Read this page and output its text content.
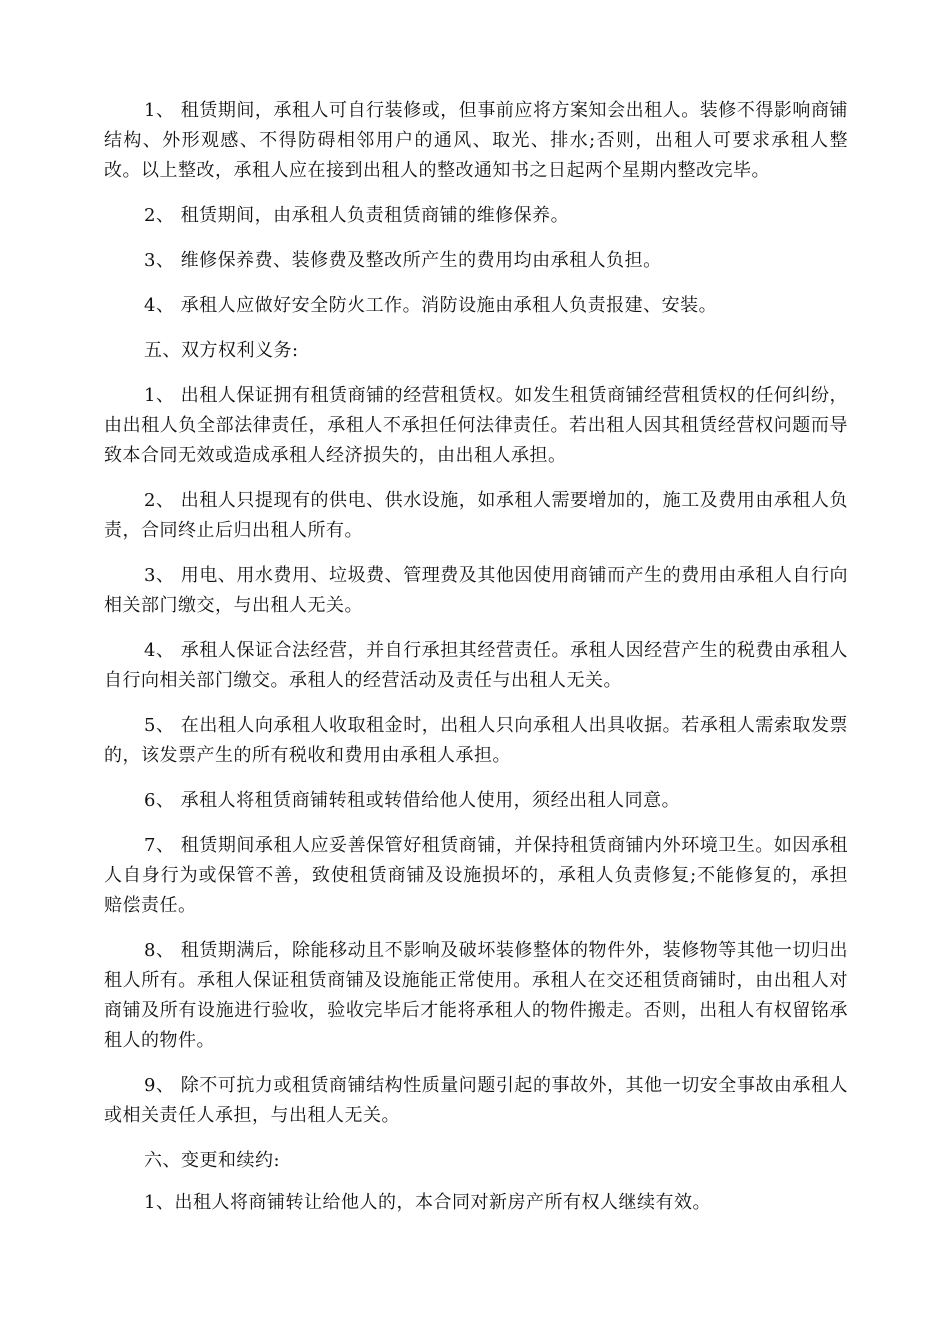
1、 租赁期间，承租人可自行装修或，但事前应将方案知会出租人。装修不得影响商铺结构、外形观感、不得防碍相邻用户的通风、取光、排水;否则，出租人可要求承租人整改。以上整改，承租人应在接到出租人的整改通知书之日起两个星期内整改完毕。

2、 租赁期间，由承租人负责租赁商铺的维修保养。

3、 维修保养费、装修费及整改所产生的费用均由承租人负担。

4、 承租人应做好安全防火工作。消防设施由承租人负责报建、安装。

五、双方权利义务:

1、 出租人保证拥有租赁商铺的经营租赁权。如发生租赁商铺经营租赁权的任何纠纷，由出租人负全部法律责任，承租人不承担任何法律责任。若出租人因其租赁经营权问题而导致本合同无效或造成承租人经济损失的，由出租人承担。

2、 出租人只提现有的供电、供水设施，如承租人需要增加的，施工及费用由承租人负责，合同终止后归出租人所有。

3、 用电、用水费用、垃圾费、管理费及其他因使用商铺而产生的费用由承租人自行向相关部门缴交，与出租人无关。

4、 承租人保证合法经营，并自行承担其经营责任。承租人因经营产生的税费由承租人自行向相关部门缴交。承租人的经营活动及责任与出租人无关。

5、 在出租人向承租人收取租金时，出租人只向承租人出具收据。若承租人需索取发票的，该发票产生的所有税收和费用由承租人承担。

6、 承租人将租赁商铺转租或转借给他人使用，须经出租人同意。

7、 租赁期间承租人应妥善保管好租赁商铺，并保持租赁商铺内外环境卫生。如因承租人自身行为或保管不善，致使租赁商铺及设施损坏的，承租人负责修复;不能修复的，承担赔偿责任。

8、 租赁期满后，除能移动且不影响及破坏装修整体的物件外，装修物等其他一切归出租人所有。承租人保证租赁商铺及设施能正常使用。承租人在交还租赁商铺时，由出租人对商铺及所有设施进行验收，验收完毕后才能将承租人的物件搬走。否则，出租人有权留铭承租人的物件。

9、 除不可抗力或租赁商铺结构性质量问题引起的事故外，其他一切安全事故由承租人或相关责任人承担，与出租人无关。

六、变更和续约:

1、出租人将商铺转让给他人的，本合同对新房产所有权人继续有效。
